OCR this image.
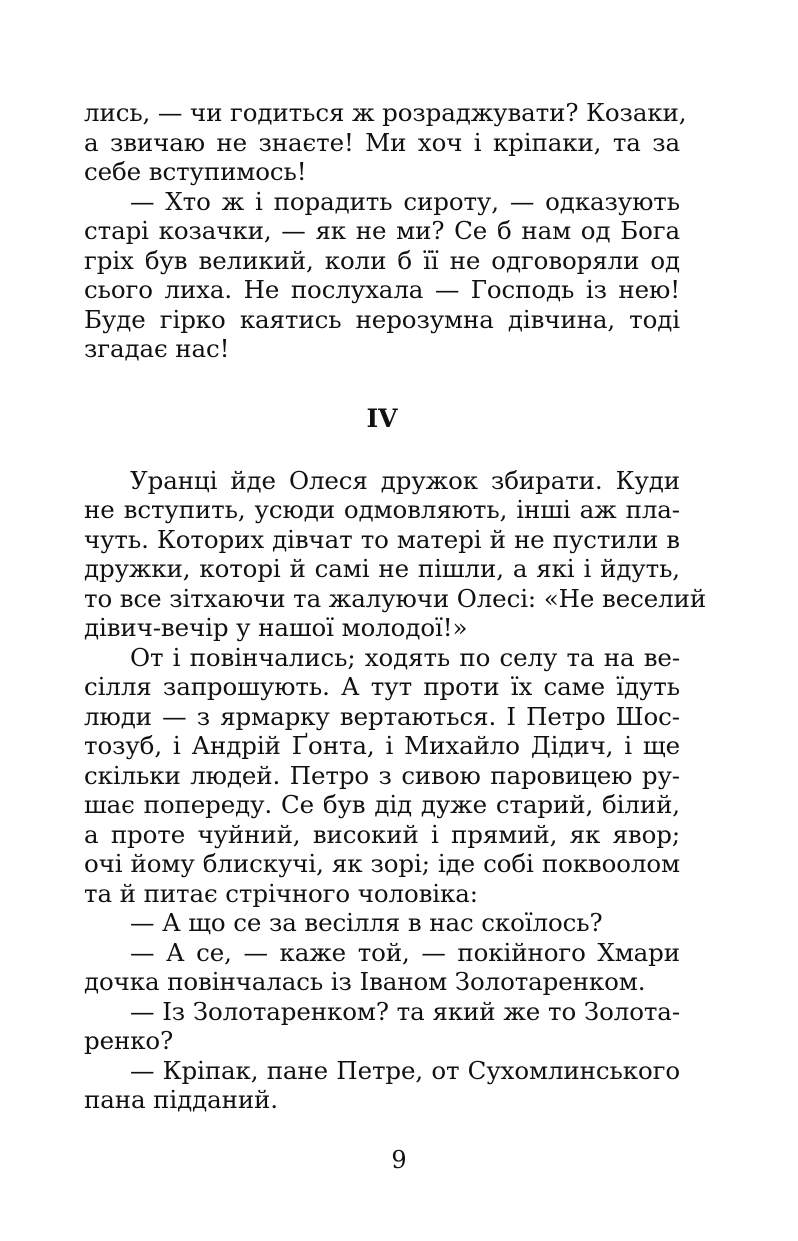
лись, — чи годиться ж розраджувати? Козаки,
а звичаю не знаєте! Ми хоч і кріпаки, та за
себе вступимось!
— Хто ж і порадить сироту, — одказують
старі козачки, — як не ми? Се б нам од Бога
гріх був великий, коли б її не одговоряли од
сього лиха. Не послухала — Господь із нею!
Буде гірко каятись нерозумна дівчина, тоді
згадає нас!
IV
Уранці йде Олеся дружок збирати. Куди
не вступить, усюди одмовляють, інші аж пла-
чуть. Которих дівчат то матері й не пустили в
дружки, которі й самі не пішли, а які і йдуть,
то все зітхаючи та жалуючи Олесі: «Не веселий
дівич-вечір у нашої молодої!»
От і повінчались; ходять по селу та на ве-
сілля запрошують. А тут проти їх саме їдуть
люди — з ярмарку вертаються. І Петро Шос-
тозуб, і Андрій Ґонта, і Михайло Дідич, і ще
скільки людей. Петро з сивою паровицею ру-
шає попереду. Се був дід дуже старий, білий,
а проте чуйний, високий і прямий, як явор;
очі йому блискучі, як зорі; іде собі поквоолом
та й питає стрічного чоловіка:
— А що се за весілля в нас скоїлось?
— А се, — каже той, — покійного Хмари
дочка повінчалась із Іваном Золотаренком.
— Із Золотаренком? та який же то Золота-
ренко?
— Кріпак, пане Петре, от Сухомлинського
пана підданий.
9
